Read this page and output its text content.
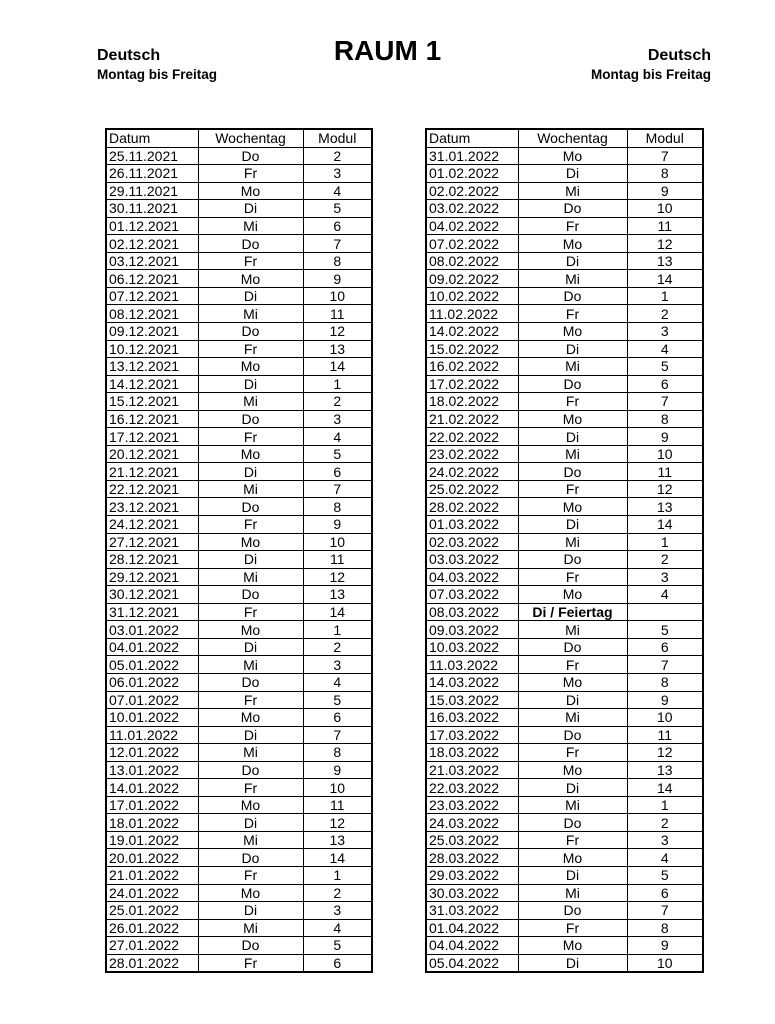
Deutsch
Montag bis Freitag
RAUM 1	Deutsch
Montag bis Freitag
Datum	Wochentag	Modul
25.11.2021	Do	2
26.11.2021	Fr	3
29.11.2021	Mo	4
30.11.2021	Di	5
01.12.2021	Mi	6
02.12.2021	Do	7
03.12.2021	Fr	8
06.12.2021	Mo	9
07.12.2021	Di	10
08.12.2021	Mi	11
09.12.2021	Do	12
10.12.2021	Fr	13
13.12.2021	Mo	14
14.12.2021	Di	1
15.12.2021	Mi	2
16.12.2021	Do	3
17.12.2021	Fr	4
20.12.2021	Mo	5
21.12.2021	Di	6
22.12.2021	Mi	7
23.12.2021	Do	8
24.12.2021	Fr	9
27.12.2021	Mo	10
28.12.2021	Di	11
29.12.2021	Mi	12
30.12.2021	Do	13
31.12.2021	Fr	14
03.01.2022	Mo	1
04.01.2022	Di	2
05.01.2022	Mi	3
06.01.2022	Do	4
07.01.2022	Fr	5
10.01.2022	Mo	6
11.01.2022	Di	7
12.01.2022	Mi	8
13.01.2022	Do	9
14.01.2022	Fr	10
17.01.2022	Mo	11
18.01.2022	Di	12
19.01.2022	Mi	13
20.01.2022	Do	14
21.01.2022	Fr	1
24.01.2022	Mo	2
25.01.2022	Di	3
26.01.2022	Mi	4
27.01.2022	Do	5
28.01.2022	Fr	6
Datum	Wochentag	Modul
31.01.2022	Mo	7
01.02.2022	Di	8
02.02.2022	Mi	9
03.02.2022	Do	10
04.02.2022	Fr	11
07.02.2022	Mo	12
08.02.2022	Di	13
09.02.2022	Mi	14
10.02.2022	Do	1
11.02.2022	Fr	2
14.02.2022	Mo	3
15.02.2022	Di	4
16.02.2022	Mi	5
17.02.2022	Do	6
18.02.2022	Fr	7
21.02.2022	Mo	8
22.02.2022	Di	9
23.02.2022	Mi	10
24.02.2022	Do	11
25.02.2022	Fr	12
28.02.2022	Mo	13
01.03.2022	Di	14
02.03.2022	Mi	1
03.03.2022	Do	2
04.03.2022	Fr	3
07.03.2022	Mo	4
08.03.2022	Di / Feiertag	
09.03.2022	Mi	5
10.03.2022	Do	6
11.03.2022	Fr	7
14.03.2022	Mo	8
15.03.2022	Di	9
16.03.2022	Mi	10
17.03.2022	Do	11
18.03.2022	Fr	12
21.03.2022	Mo	13
22.03.2022	Di	14
23.03.2022	Mi	1
24.03.2022	Do	2
25.03.2022	Fr	3
28.03.2022	Mo	4
29.03.2022	Di	5
30.03.2022	Mi	6
31.03.2022	Do	7
01.04.2022	Fr	8
04.04.2022	Mo	9
05.04.2022	Di	10
